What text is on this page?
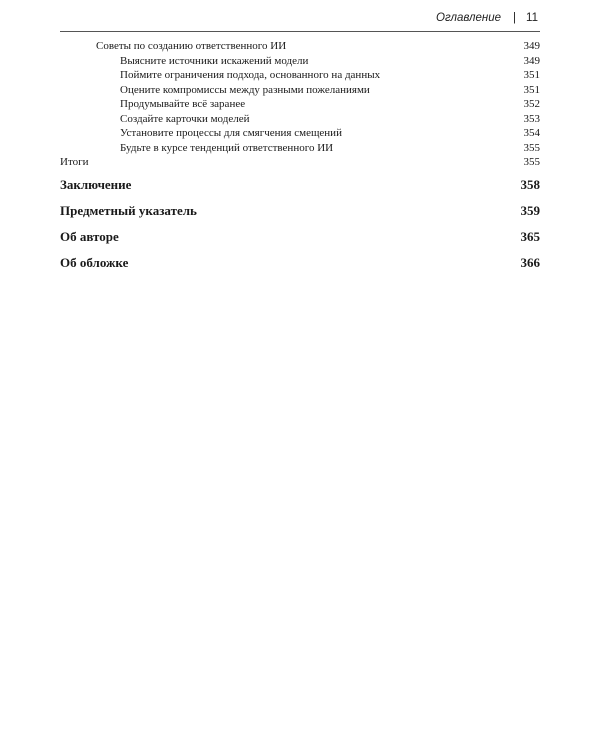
Оглавление | 11
Советы по созданию ответственного ИИ	349
Выясните источники искажений модели	349
Поймите ограничения подхода, основанного на данных	351
Оцените компромиссы между разными пожеланиями	351
Продумывайте всё заранее	352
Создайте карточки моделей	353
Установите процессы для смягчения смещений	354
Будьте в курсе тенденций ответственного ИИ	355
Итоги	355
Заключение	358
Предметный указатель	359
Об авторе	365
Об обложке	366
